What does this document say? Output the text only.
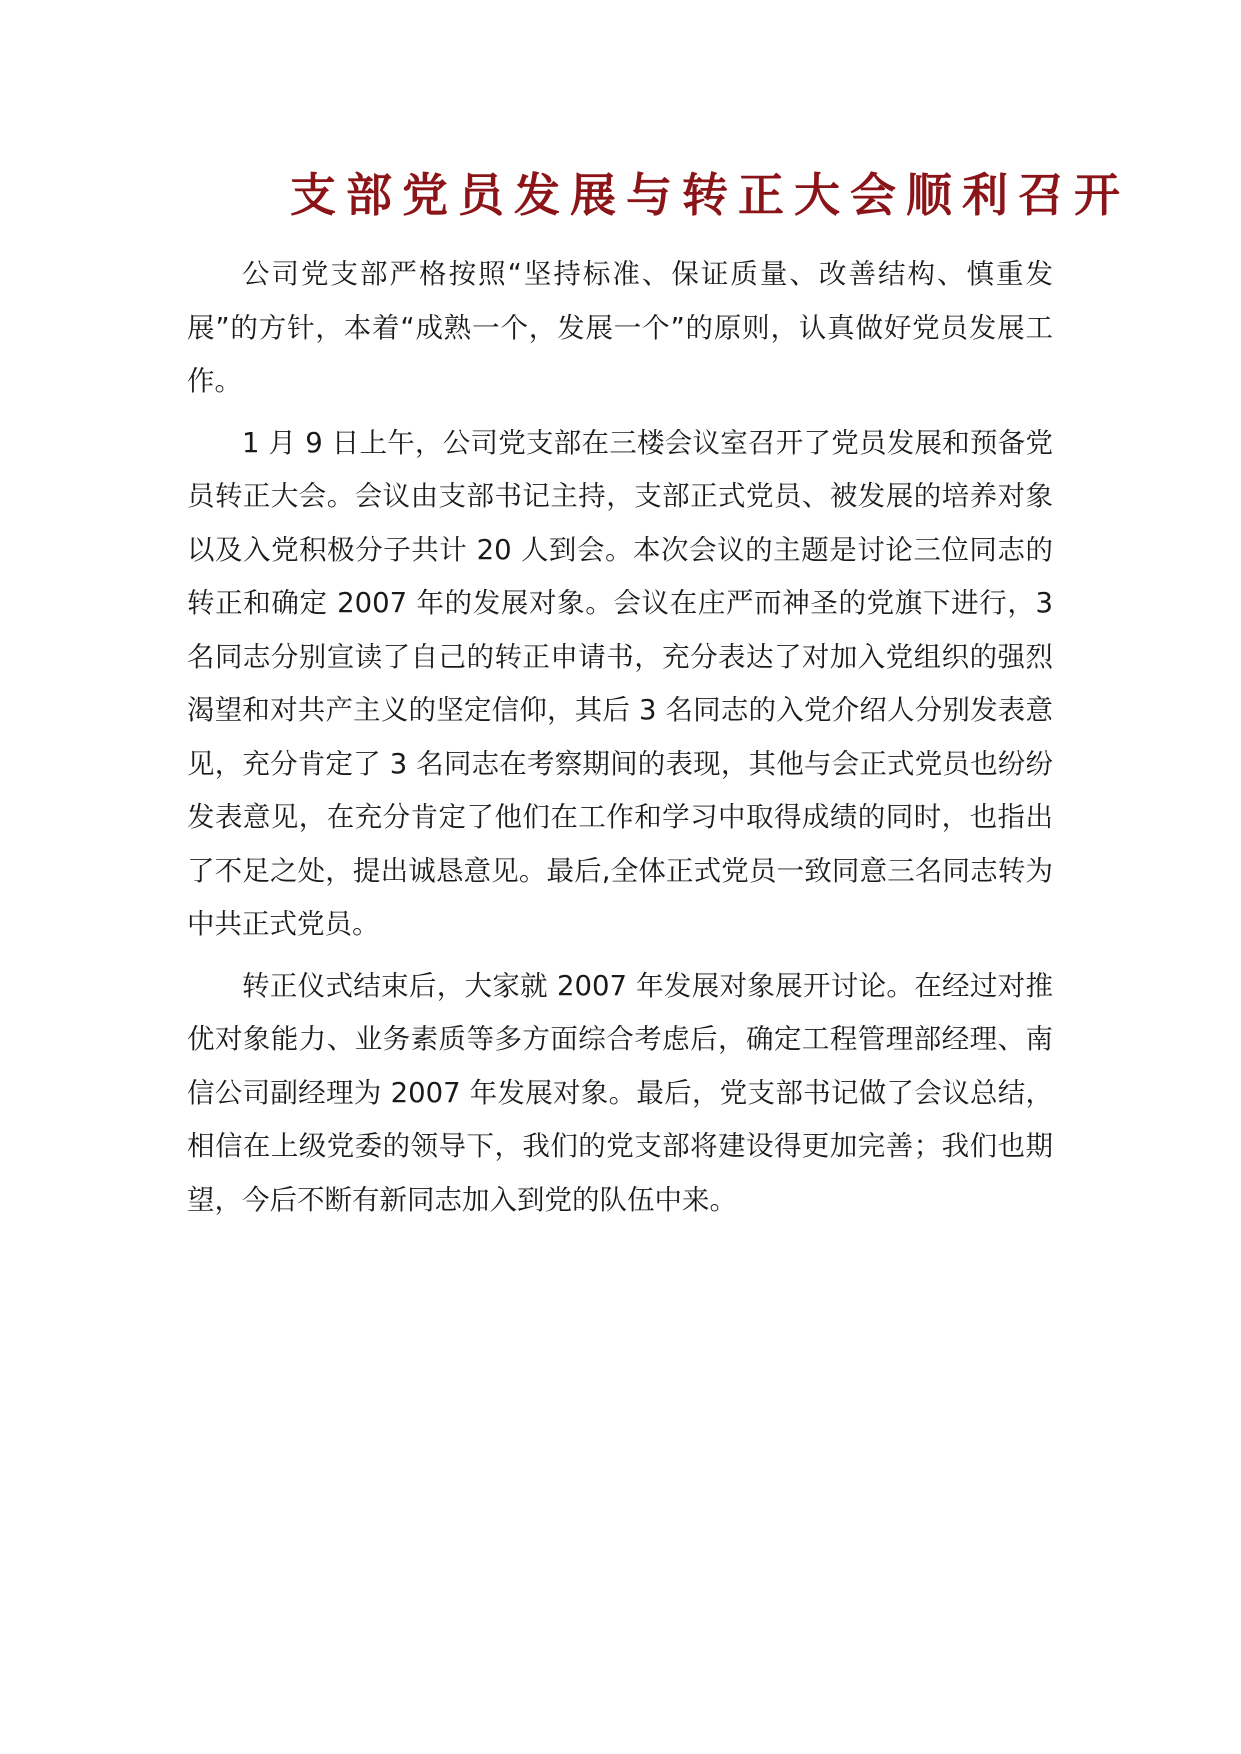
支部党员发展与转正大会顺利召开

公司党支部严格按照“坚持标准、保证质量、改善结构、慎重发展”的方针，本着“成熟一个，发展一个”的原则，认真做好党员发展工作。

1 月 9 日上午，公司党支部在三楼会议室召开了党员发展和预备党员转正大会。会议由支部书记主持，支部正式党员、被发展的培养对象以及入党积极分子共计 20 人到会。本次会议的主题是讨论三位同志的转正和确定 2007 年的发展对象。会议在庄严而神圣的党旗下进行，3 名同志分别宣读了自己的转正申请书，充分表达了对加入党组织的强烈渴望和对共产主义的坚定信仰，其后 3 名同志的入党介绍人分别发表意见，充分肯定了 3 名同志在考察期间的表现，其他与会正式党员也纷纷发表意见，在充分肯定了他们在工作和学习中取得成绩的同时，也指出了不足之处，提出诚恳意见。最后,全体正式党员一致同意三名同志转为中共正式党员。

转正仪式结束后，大家就 2007 年发展对象展开讨论。在经过对推优对象能力、业务素质等多方面综合考虑后，确定工程管理部经理、南信公司副经理为 2007 年发展对象。最后，党支部书记做了会议总结，相信在上级党委的领导下，我们的党支部将建设得更加完善；我们也期望，今后不断有新同志加入到党的队伍中来。
